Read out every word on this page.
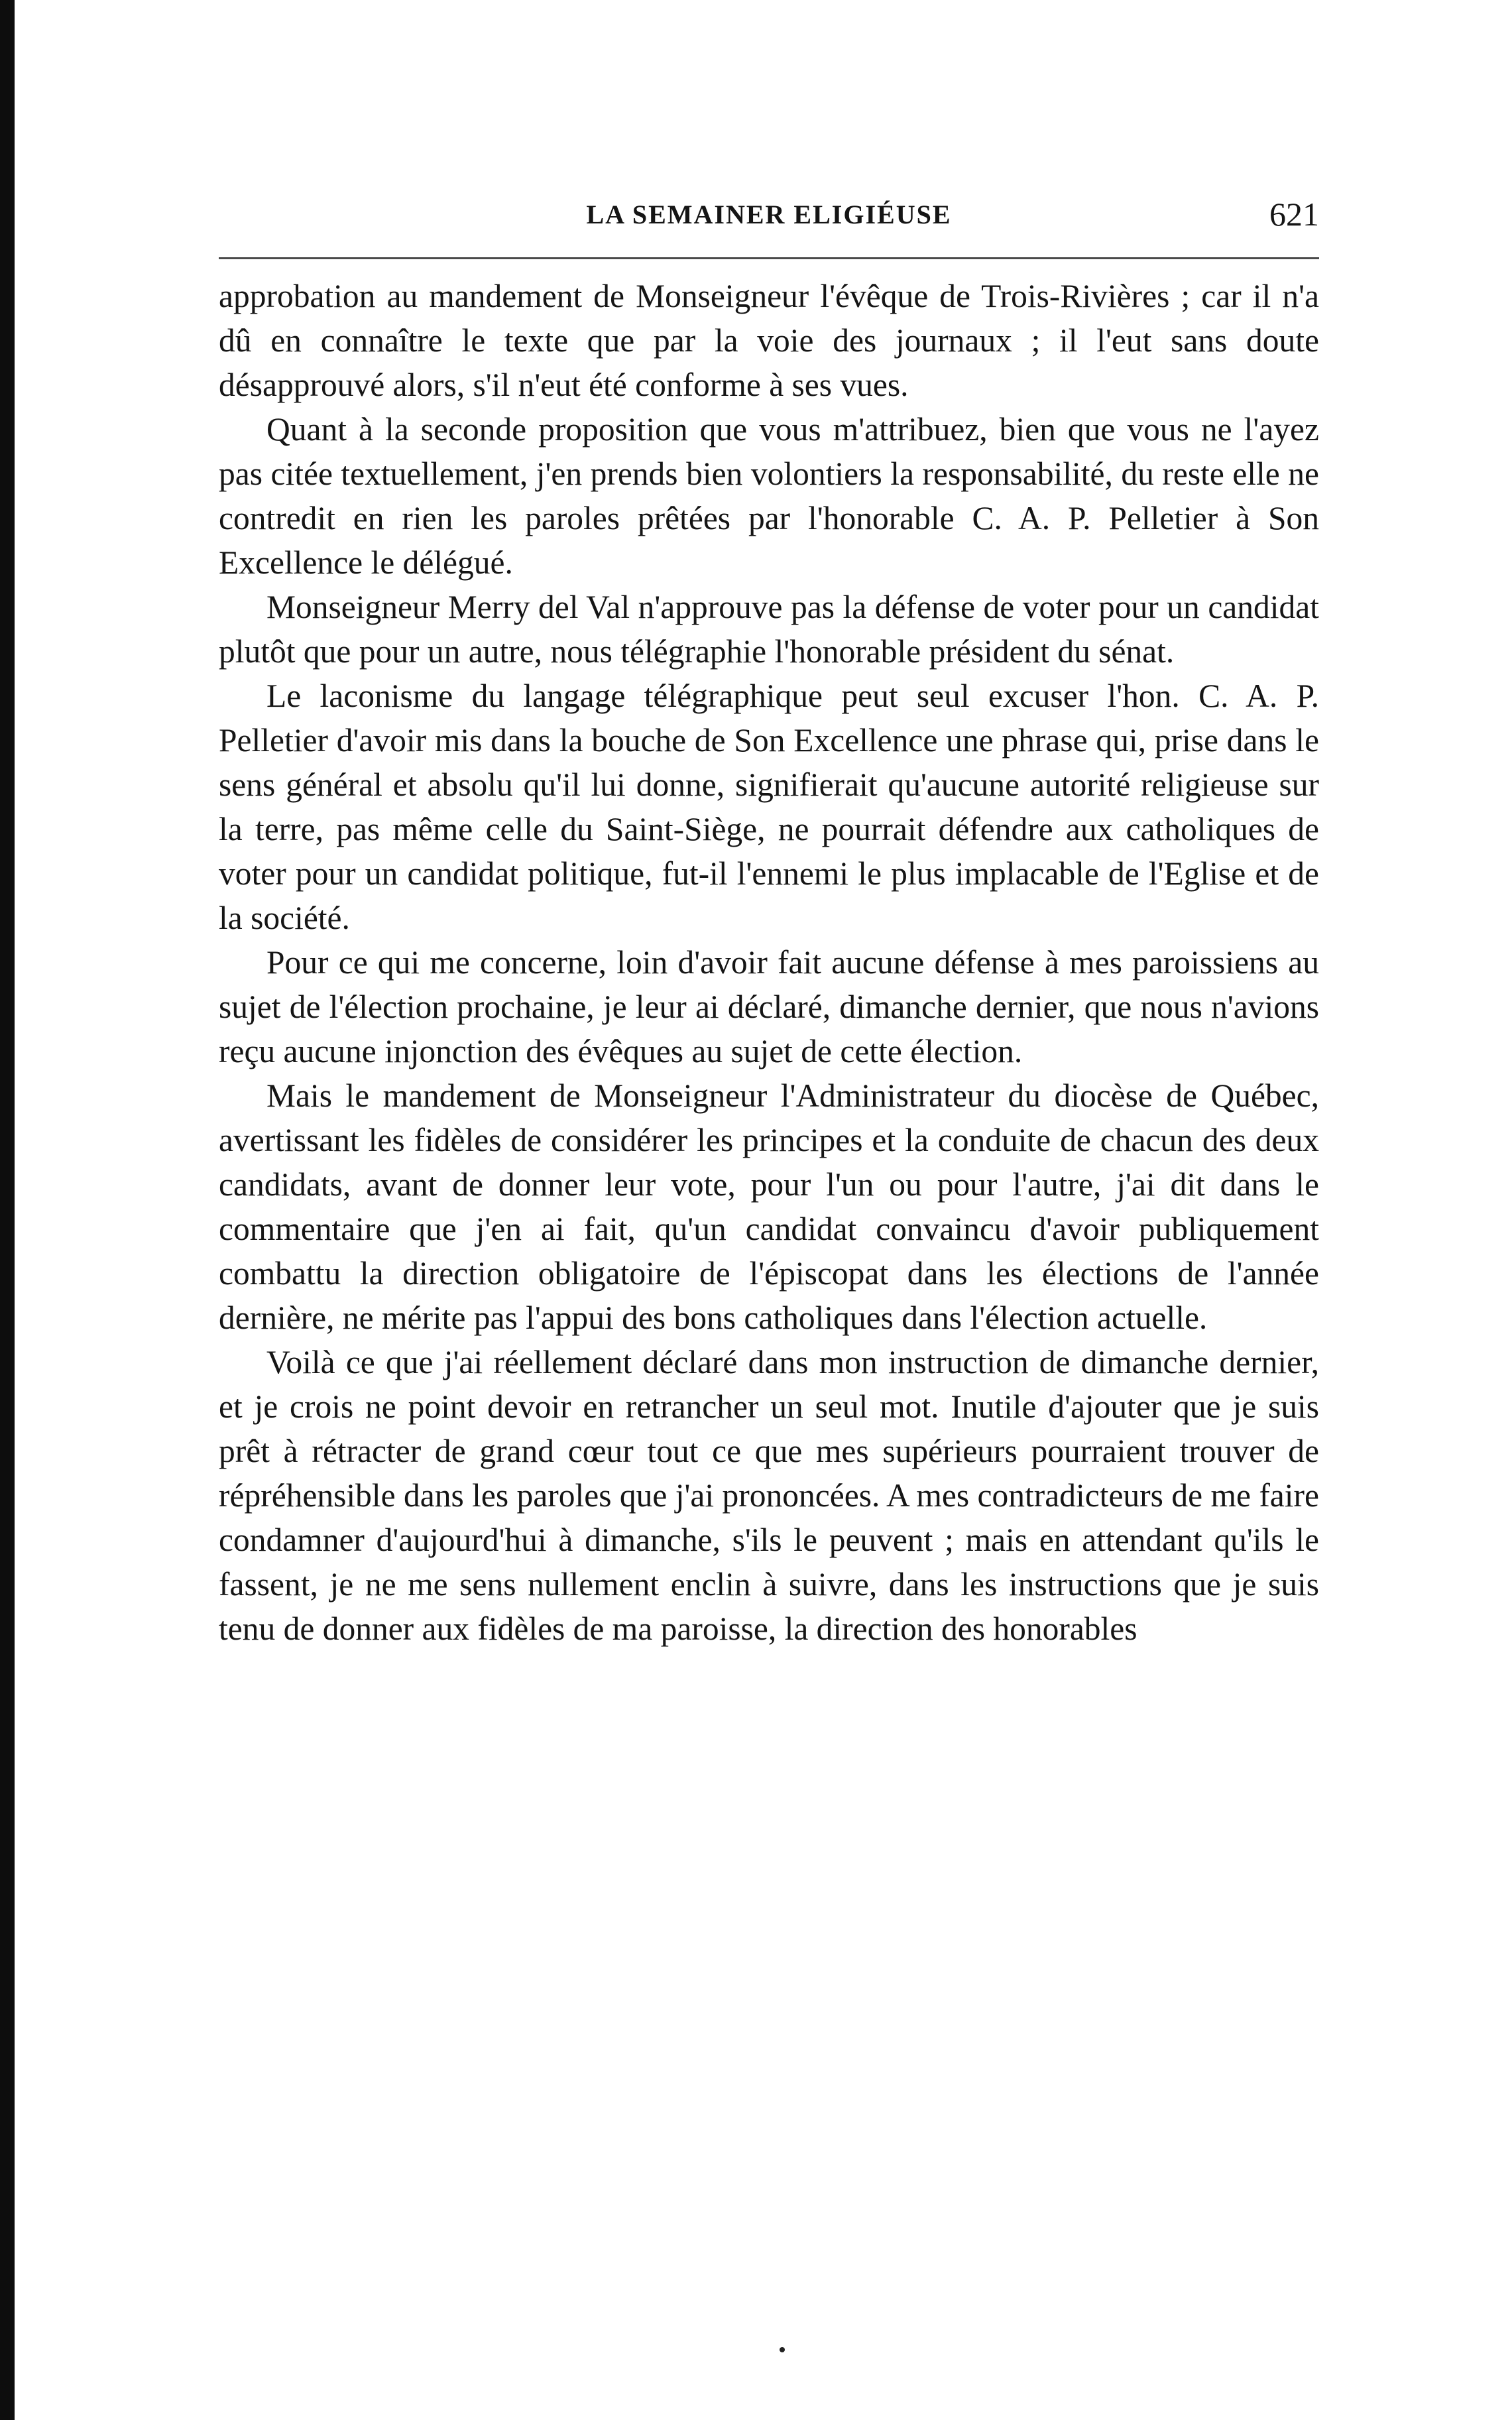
LA SEMAINER ELIGIÉUSE	621

approbation au mandement de Monseigneur l'évêque de Trois-Rivières ; car il n'a dû en connaître le texte que par la voie des journaux ; il l'eut sans doute désapprouvé alors, s'il n'eut été conforme à ses vues.

Quant à la seconde proposition que vous m'attribuez, bien que vous ne l'ayez pas citée textuellement, j'en prends bien volontiers la responsabilité, du reste elle ne contredit en rien les paroles prêtées par l'honorable C. A. P. Pelletier à Son Excellence le délégué.

Monseigneur Merry del Val n'approuve pas la défense de voter pour un candidat plutôt que pour un autre, nous télégraphie l'honorable président du sénat.

Le laconisme du langage télégraphique peut seul excuser l'hon. C. A. P. Pelletier d'avoir mis dans la bouche de Son Excellence une phrase qui, prise dans le sens général et absolu qu'il lui donne, signifierait qu'aucune autorité religieuse sur la terre, pas même celle du Saint-Siège, ne pourrait défendre aux catholiques de voter pour un candidat politique, fut-il l'ennemi le plus implacable de l'Eglise et de la société.

Pour ce qui me concerne, loin d'avoir fait aucune défense à mes paroissiens au sujet de l'élection prochaine, je leur ai déclaré, dimanche dernier, que nous n'avions reçu aucune injonction des évêques au sujet de cette élection.

Mais le mandement de Monseigneur l'Administrateur du diocèse de Québec, avertissant les fidèles de considérer les principes et la conduite de chacun des deux candidats, avant de donner leur vote, pour l'un ou pour l'autre, j'ai dit dans le commentaire que j'en ai fait, qu'un candidat convaincu d'avoir publiquement combattu la direction obligatoire de l'épiscopat dans les élections de l'année dernière, ne mérite pas l'appui des bons catholiques dans l'élection actuelle.

Voilà ce que j'ai réellement déclaré dans mon instruction de dimanche dernier, et je crois ne point devoir en retrancher un seul mot. Inutile d'ajouter que je suis prêt à rétracter de grand cœur tout ce que mes supérieurs pourraient trouver de répréhensible dans les paroles que j'ai prononcées. A mes contradicteurs de me faire condamner d'aujourd'hui à dimanche, s'ils le peuvent ; mais en attendant qu'ils le fassent, je ne me sens nullement enclin à suivre, dans les instructions que je suis tenu de donner aux fidèles de ma paroisse, la direction des honorables
